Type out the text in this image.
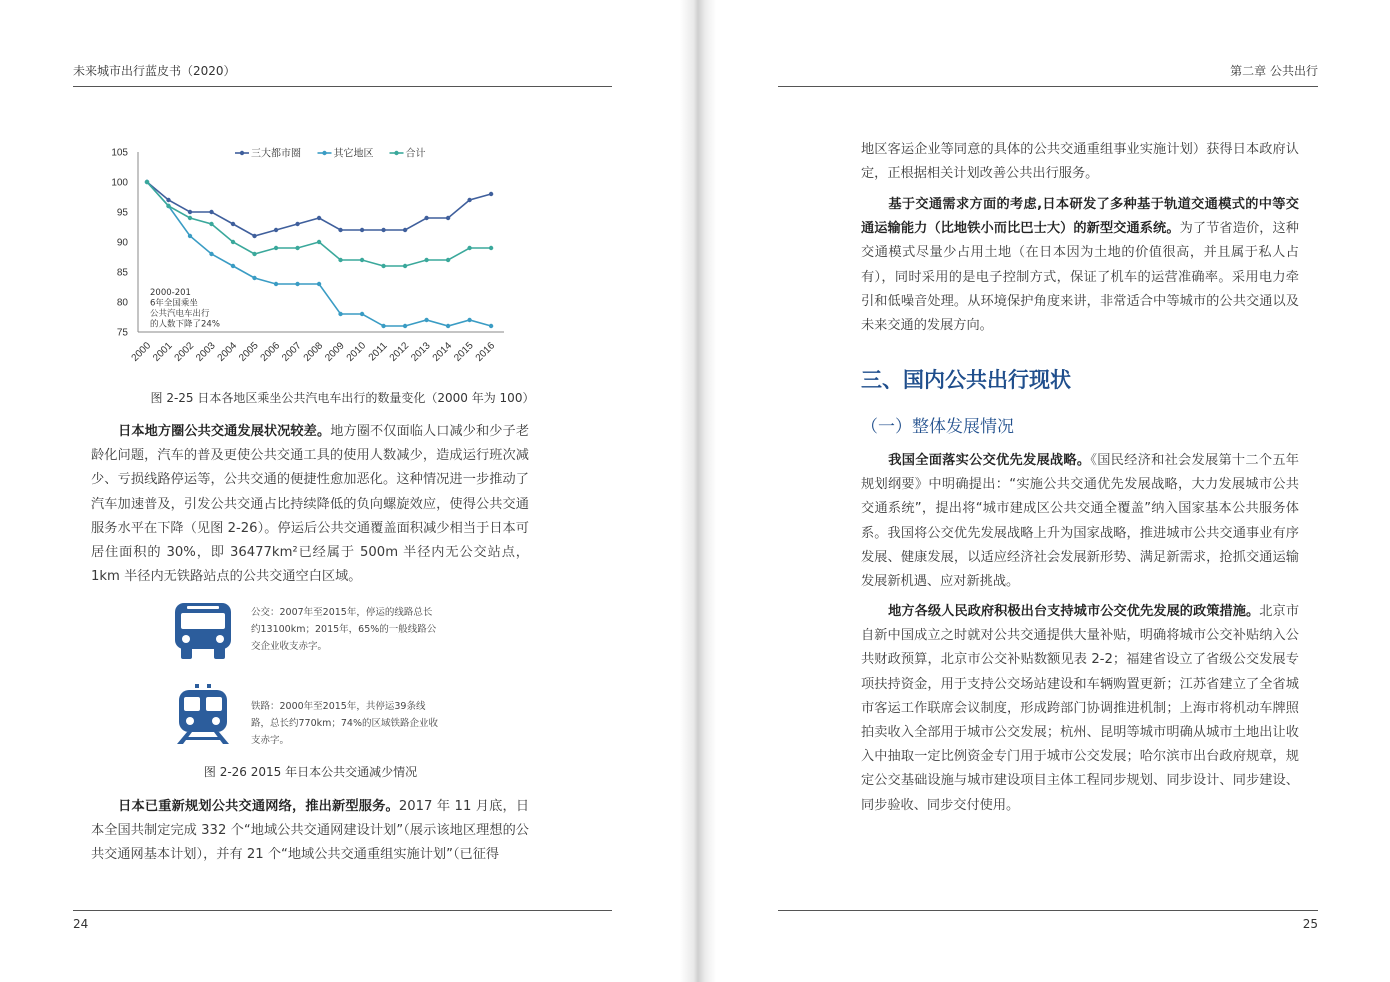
未来城市出行蓝皮书（2020）
105
100
95
90
85
80
75
2000
2001
2002
2003
2004
2005
2006
2007
2008
2009
2010
2011
2012
2013
2014
2015
2016
三大都市圈	其它地区	合计
2000-201
6年全国乘坐
公共汽电车出行
的人数下降了24%
图 2-25 日本各地区乘坐公共汽电车出行的数量变化（2000 年为 100）

日本地方圈公共交通发展状况较差。地方圈不仅面临人口减少和少子老龄化问题，汽车的普及更使公共交通工具的使用人数减少，造成运行班次减少、亏损线路停运等，公共交通的便捷性愈加恶化。这种情况进一步推动了汽车加速普及，引发公共交通占比持续降低的负向螺旋效应，使得公共交通服务水平在下降（见图 2-26）。停运后公共交通覆盖面积减少相当于日本可居住面积的 30%，即 36477km²已经属于 500m 半径内无公交站点，1km 半径内无铁路站点的公共交通空白区域。

公交：2007年至2015年，停运的线路总长约13100km；2015年，65%的一般线路公交企业收支赤字。
铁路：2000年至2015年，共停运39条线路，总长约770km；74%的区域铁路企业收支赤字。
图 2-26 2015 年日本公共交通减少情况

日本已重新规划公共交通网络，推出新型服务。2017 年 11 月底，日本全国共制定完成 332 个“地域公共交通网建设计划”（展示该地区理想的公共交通网基本计划），并有 21 个“地域公共交通重组实施计划”（已征得

24
第二章 公共出行

地区客运企业等同意的具体的公共交通重组事业实施计划）获得日本政府认定，正根据相关计划改善公共出行服务。

基于交通需求方面的考虑,日本研发了多种基于轨道交通模式的中等交通运输能力（比地铁小而比巴士大）的新型交通系统。为了节省造价，这种交通模式尽量少占用土地（在日本因为土地的价值很高，并且属于私人占有），同时采用的是电子控制方式，保证了机车的运营准确率。采用电力牵引和低噪音处理。从环境保护角度来讲，非常适合中等城市的公共交通以及未来交通的发展方向。

三、国内公共出行现状
（一）整体发展情况

我国全面落实公交优先发展战略。《国民经济和社会发展第十二个五年规划纲要》中明确提出：“实施公共交通优先发展战略，大力发展城市公共交通系统”，提出将“城市建成区公共交通全覆盖”纳入国家基本公共服务体系。我国将公交优先发展战略上升为国家战略，推进城市公共交通事业有序发展、健康发展，以适应经济社会发展新形势、满足新需求，抢抓交通运输发展新机遇、应对新挑战。

地方各级人民政府积极出台支持城市公交优先发展的政策措施。北京市自新中国成立之时就对公共交通提供大量补贴，明确将城市公交补贴纳入公共财政预算，北京市公交补贴数额见表 2-2；福建省设立了省级公交发展专项扶持资金，用于支持公交场站建设和车辆购置更新；江苏省建立了全省城市客运工作联席会议制度，形成跨部门协调推进机制；上海市将机动车牌照拍卖收入全部用于城市公交发展；杭州、昆明等城市明确从城市土地出让收入中抽取一定比例资金专门用于城市公交发展；哈尔滨市出台政府规章，规定公交基础设施与城市建设项目主体工程同步规划、同步设计、同步建设、同步验收、同步交付使用。

25
